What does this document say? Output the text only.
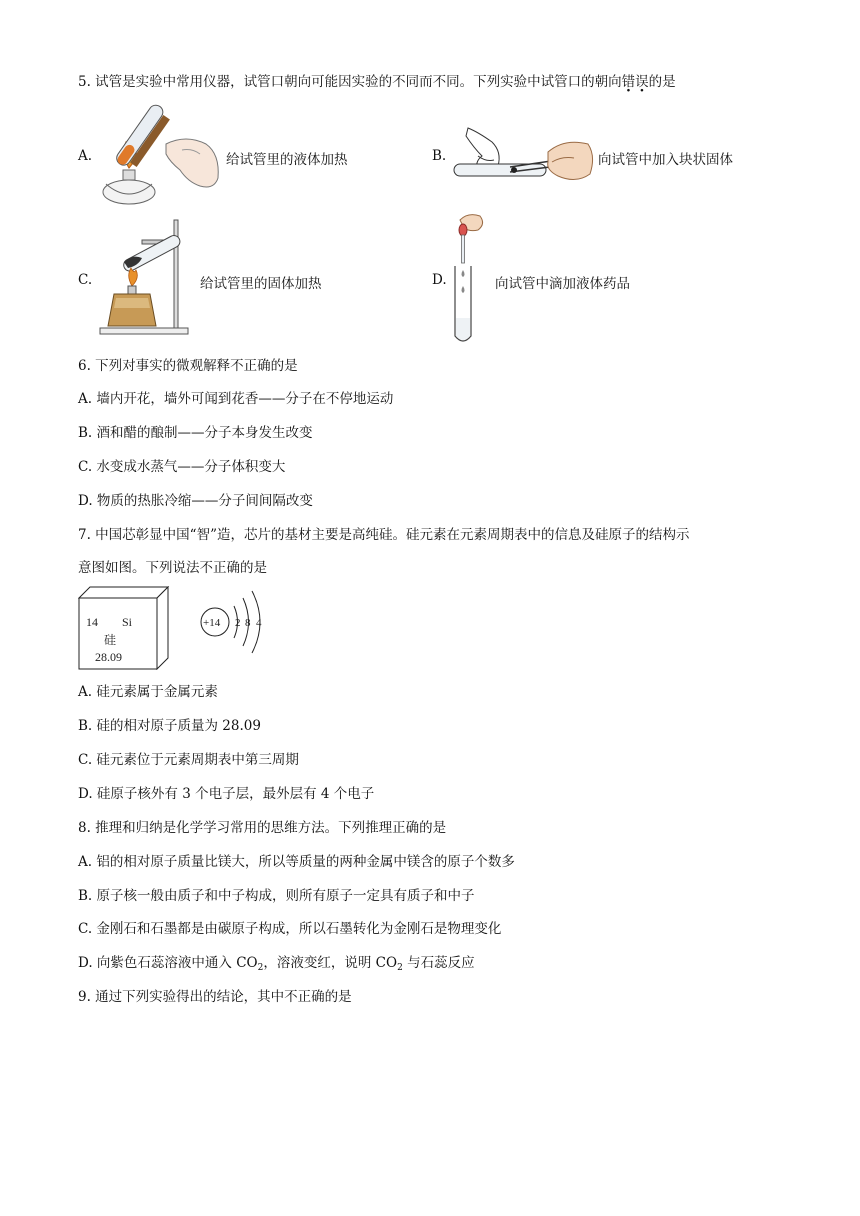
5. 试管是实验中常用仪器，试管口朝向可能因实验的不同而不同。下列实验中试管口的朝向错误的是
A.	给试管里的液体加热	B.	向试管中加入块状固体
C.	给试管里的固体加热	D.	向试管中滴加液体药品
6. 下列对事实的微观解释不正确的是
A. 墙内开花，墙外可闻到花香——分子在不停地运动
B. 酒和醋的酿制——分子本身发生改变
C. 水变成水蒸气——分子体积变大
D. 物质的热胀冷缩——分子间间隔改变
7. 中国芯彰显中国“智”造，芯片的基材主要是高纯硅。硅元素在元素周期表中的信息及硅原子的结构示
意图如图。下列说法不正确的是
14 Si
硅
28.09
+14 2 8 4
A. 硅元素属于金属元素
B. 硅的相对原子质量为 28.09
C. 硅元素位于元素周期表中第三周期
D. 硅原子核外有 3 个电子层，最外层有 4 个电子
8. 推理和归纳是化学学习常用的思维方法。下列推理正确的是
A. 铝的相对原子质量比镁大，所以等质量的两种金属中镁含的原子个数多
B. 原子核一般由质子和中子构成，则所有原子一定具有质子和中子
C. 金刚石和石墨都是由碳原子构成，所以石墨转化为金刚石是物理变化
D. 向紫色石蕊溶液中通入 $CO_2$，溶液变红，说明 $CO_2$ 与石蕊反应
9. 通过下列实验得出的结论，其中不正确的是
